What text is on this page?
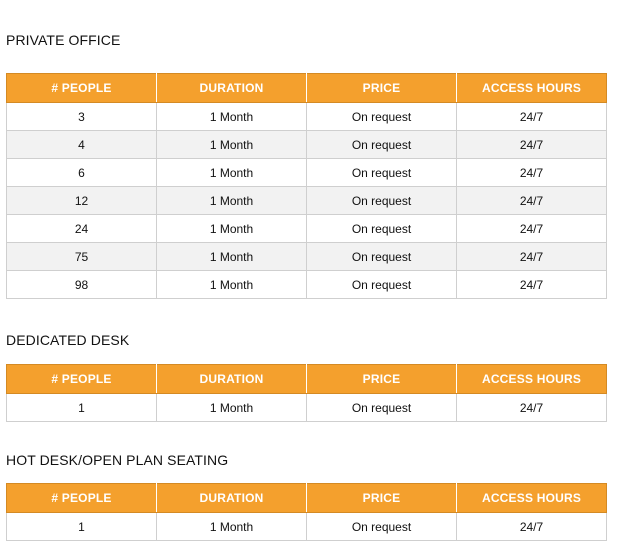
PRIVATE OFFICE
# PEOPLE	DURATION	PRICE	ACCESS HOURS
3	1 Month	On request	24/7
4	1 Month	On request	24/7
6	1 Month	On request	24/7
12	1 Month	On request	24/7
24	1 Month	On request	24/7
75	1 Month	On request	24/7
98	1 Month	On request	24/7
DEDICATED DESK
# PEOPLE	DURATION	PRICE	ACCESS HOURS
1	1 Month	On request	24/7
HOT DESK/OPEN PLAN SEATING
# PEOPLE	DURATION	PRICE	ACCESS HOURS
1	1 Month	On request	24/7
